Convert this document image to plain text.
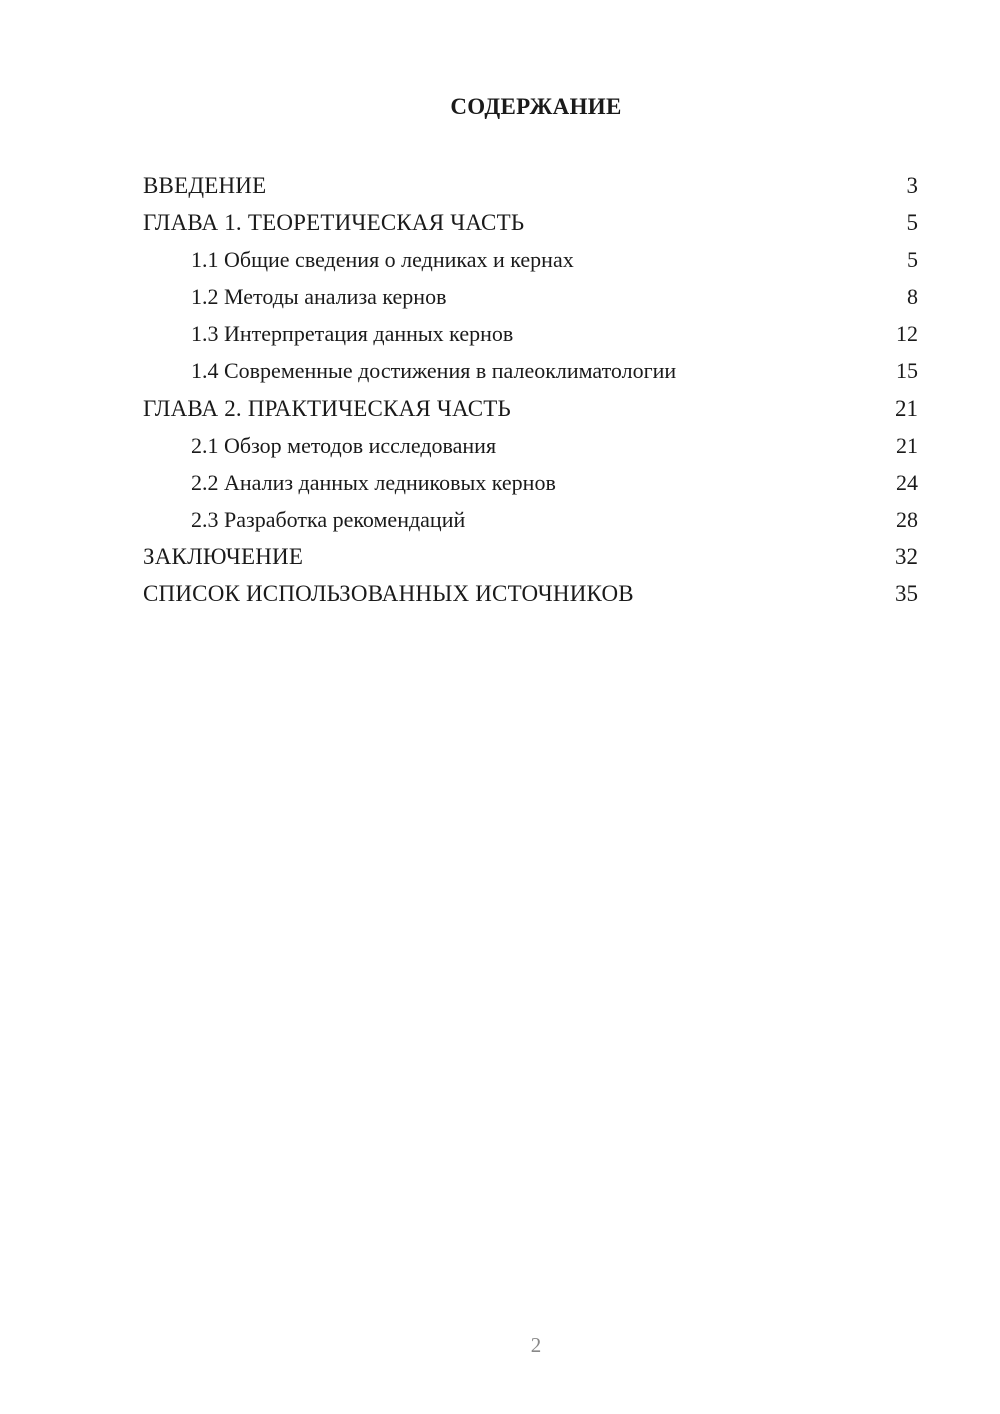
СОДЕРЖАНИЕ
ВВЕДЕНИЕ	3
ГЛАВА 1. ТЕОРЕТИЧЕСКАЯ ЧАСТЬ	5
1.1 Общие сведения о ледниках и кернах	5
1.2 Методы анализа кернов	8
1.3 Интерпретация данных кернов	12
1.4 Современные достижения в палеоклиматологии	15
ГЛАВА 2. ПРАКТИЧЕСКАЯ ЧАСТЬ	21
2.1 Обзор методов исследования	21
2.2 Анализ данных ледниковых кернов	24
2.3 Разработка рекомендаций	28
ЗАКЛЮЧЕНИЕ	32
СПИСОК ИСПОЛЬЗОВАННЫХ ИСТОЧНИКОВ	35
2
